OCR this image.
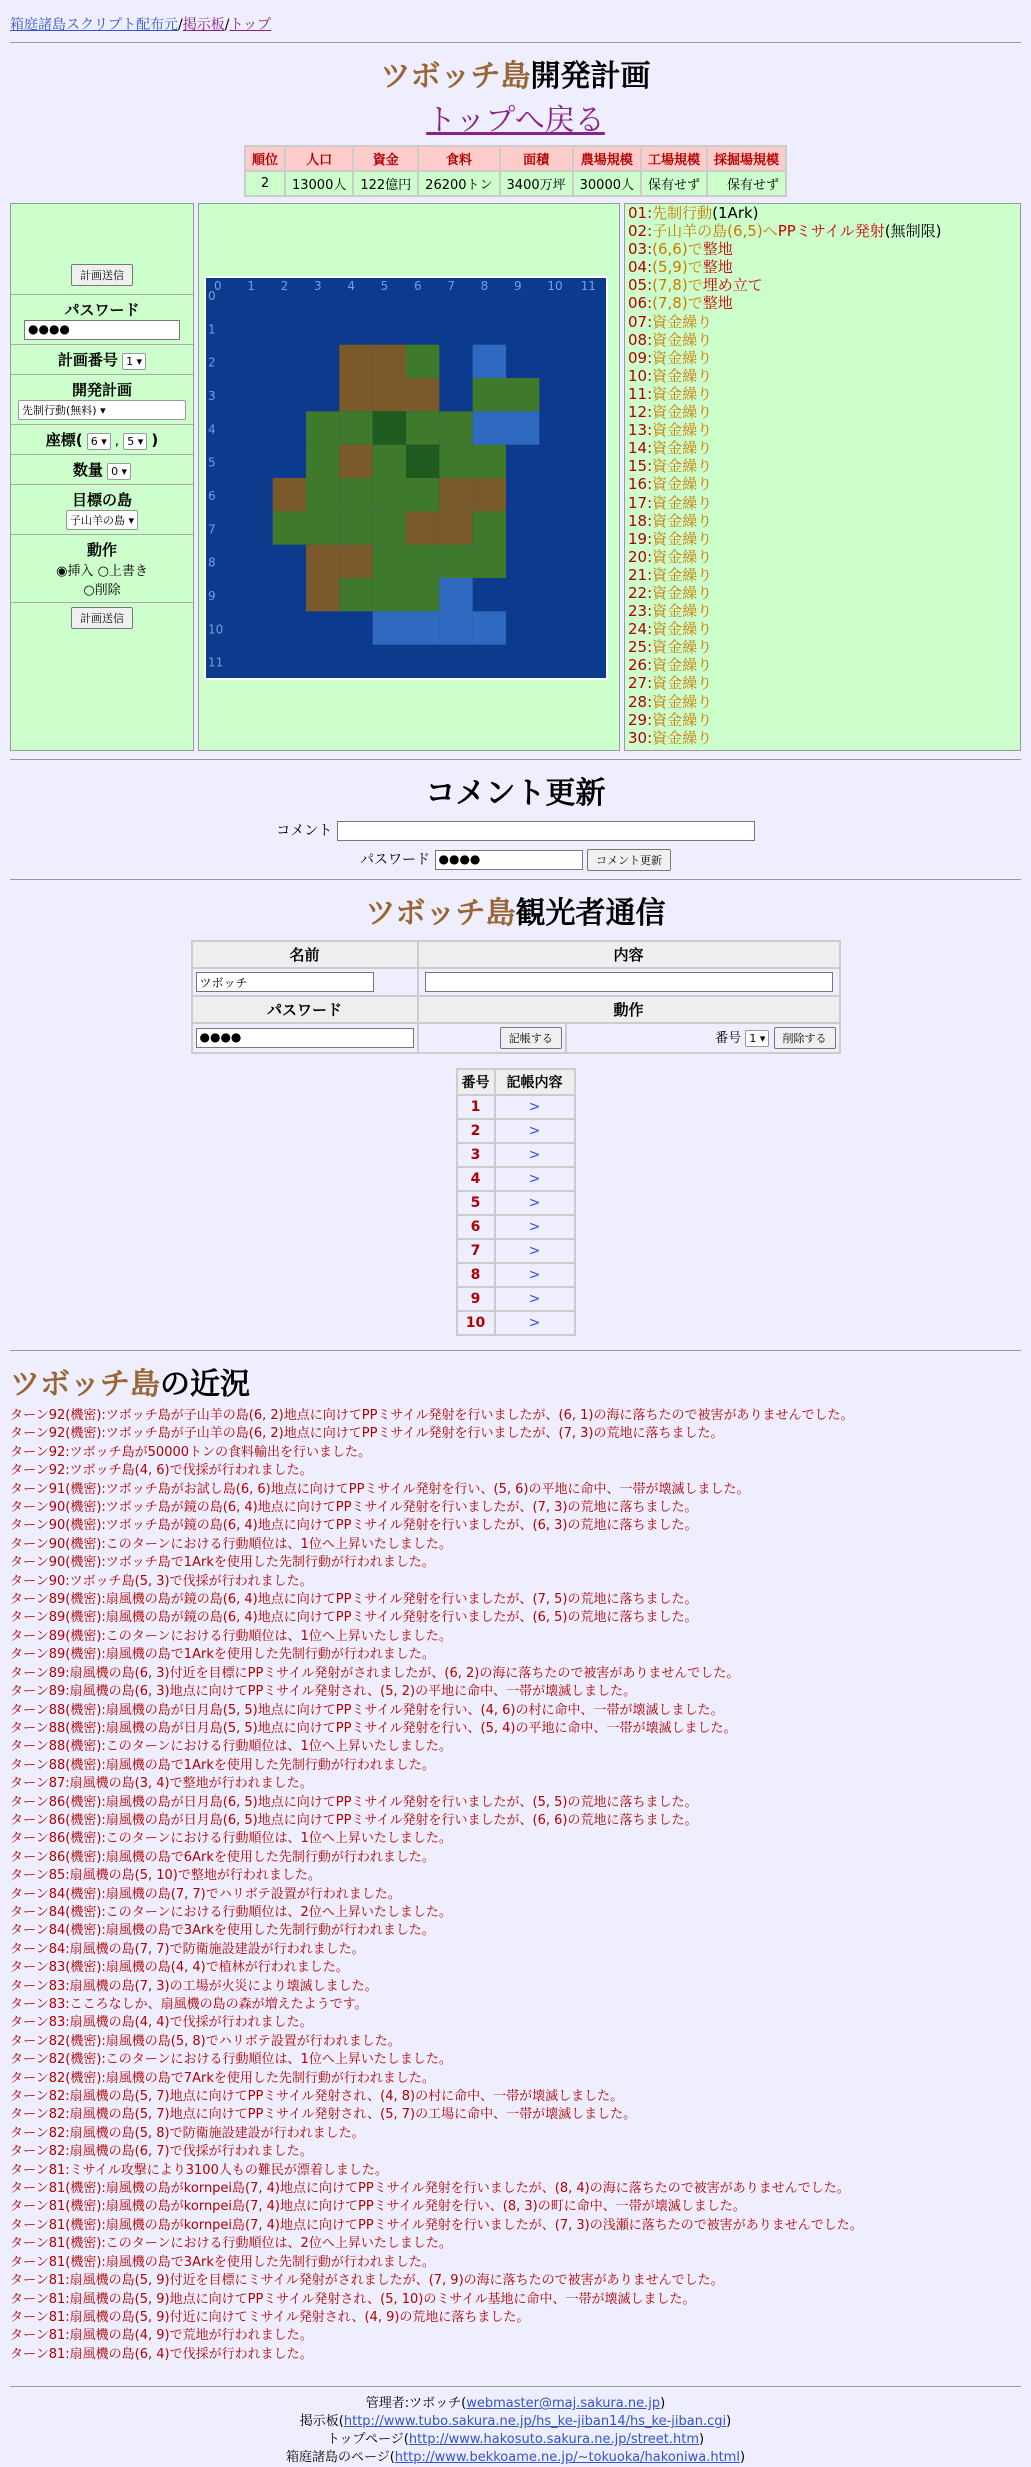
箱庭諸島スクリプト配布元/掲示板/トップ
ツボッチ島開発計画
トップへ戻る
順位	人口	資金	食料	面積	農場規模	工場規模	採掘場規模
2	13000人	122億円	26200トン	3400万坪	30000人	保有せず	保有せず
計画送信
パスワード
●●●●
計画番号 1 ▾
開発計画
先制行動(無料) ▾
座標( 6 ▾ , 5 ▾ )
数量 0 ▾
目標の島
子山羊の島 ▾
動作
◉挿入 ○上書き
○削除
計画送信
0
0
1
1
2
2
3
3
4
4
5
5
6
6
7
7
8
8
9
9
10
10
11
11
01:先制行動(1Ark)
02:子山羊の島(6,5)へPPミサイル発射(無制限)
03:(6,6)で整地
04:(5,9)で整地
05:(7,8)で埋め立て
06:(7,8)で整地
07:資金繰り
08:資金繰り
09:資金繰り
10:資金繰り
11:資金繰り
12:資金繰り
13:資金繰り
14:資金繰り
15:資金繰り
16:資金繰り
17:資金繰り
18:資金繰り
19:資金繰り
20:資金繰り
21:資金繰り
22:資金繰り
23:資金繰り
24:資金繰り
25:資金繰り
26:資金繰り
27:資金繰り
28:資金繰り
29:資金繰り
30:資金繰り
コメント更新
コメント
パスワード ●●●●	コメント更新
ツボッチ島観光者通信
名前	内容	
ツボッチ		
パスワード	動作	
●●●●	記帳する	番号 1 ▾ 削除する
番号	記帳内容
1	>
2	>
3	>
4	>
5	>
6	>
7	>
8	>
9	>
10	>
ツボッチ島の近況
ターン92(機密):ツボッチ島が子山羊の島(6, 2)地点に向けてPPミサイル発射を行いましたが、(6, 1)の海に落ちたので被害がありませんでした。
ターン92(機密):ツボッチ島が子山羊の島(6, 2)地点に向けてPPミサイル発射を行いましたが、(7, 3)の荒地に落ちました。
ターン92:ツボッチ島が50000トンの食料輸出を行いました。
ターン92:ツボッチ島(4, 6)で伐採が行われました。
ターン91(機密):ツボッチ島がお試し島(6, 6)地点に向けてPPミサイル発射を行い、(5, 6)の平地に命中、一帯が壊滅しました。
ターン90(機密):ツボッチ島が鏡の島(6, 4)地点に向けてPPミサイル発射を行いましたが、(7, 3)の荒地に落ちました。
ターン90(機密):ツボッチ島が鏡の島(6, 4)地点に向けてPPミサイル発射を行いましたが、(6, 3)の荒地に落ちました。
ターン90(機密):このターンにおける行動順位は、1位へ上昇いたしました。
ターン90(機密):ツボッチ島で1Arkを使用した先制行動が行われました。
ターン90:ツボッチ島(5, 3)で伐採が行われました。
ターン89(機密):扇風機の島が鏡の島(6, 4)地点に向けてPPミサイル発射を行いましたが、(7, 5)の荒地に落ちました。
ターン89(機密):扇風機の島が鏡の島(6, 4)地点に向けてPPミサイル発射を行いましたが、(6, 5)の荒地に落ちました。
ターン89(機密):このターンにおける行動順位は、1位へ上昇いたしました。
ターン89(機密):扇風機の島で1Arkを使用した先制行動が行われました。
ターン89:扇風機の島(6, 3)付近を目標にPPミサイル発射がされましたが、(6, 2)の海に落ちたので被害がありませんでした。
ターン89:扇風機の島(6, 3)地点に向けてPPミサイル発射され、(5, 2)の平地に命中、一帯が壊滅しました。
ターン88(機密):扇風機の島が日月島(5, 5)地点に向けてPPミサイル発射を行い、(4, 6)の村に命中、一帯が壊滅しました。
ターン88(機密):扇風機の島が日月島(5, 5)地点に向けてPPミサイル発射を行い、(5, 4)の平地に命中、一帯が壊滅しました。
ターン88(機密):このターンにおける行動順位は、1位へ上昇いたしました。
ターン88(機密):扇風機の島で1Arkを使用した先制行動が行われました。
ターン87:扇風機の島(3, 4)で整地が行われました。
ターン86(機密):扇風機の島が日月島(6, 5)地点に向けてPPミサイル発射を行いましたが、(5, 5)の荒地に落ちました。
ターン86(機密):扇風機の島が日月島(6, 5)地点に向けてPPミサイル発射を行いましたが、(6, 6)の荒地に落ちました。
ターン86(機密):このターンにおける行動順位は、1位へ上昇いたしました。
ターン86(機密):扇風機の島で6Arkを使用した先制行動が行われました。
ターン85:扇風機の島(5, 10)で整地が行われました。
ターン84(機密):扇風機の島(7, 7)でハリボテ設置が行われました。
ターン84(機密):このターンにおける行動順位は、2位へ上昇いたしました。
ターン84(機密):扇風機の島で3Arkを使用した先制行動が行われました。
ターン84:扇風機の島(7, 7)で防衛施設建設が行われました。
ターン83(機密):扇風機の島(4, 4)で植林が行われました。
ターン83:扇風機の島(7, 3)の工場が火災により壊滅しました。
ターン83:こころなしか、扇風機の島の森が増えたようです。
ターン83:扇風機の島(4, 4)で伐採が行われました。
ターン82(機密):扇風機の島(5, 8)でハリボテ設置が行われました。
ターン82(機密):このターンにおける行動順位は、1位へ上昇いたしました。
ターン82(機密):扇風機の島で7Arkを使用した先制行動が行われました。
ターン82:扇風機の島(5, 7)地点に向けてPPミサイル発射され、(4, 8)の村に命中、一帯が壊滅しました。
ターン82:扇風機の島(5, 7)地点に向けてPPミサイル発射され、(5, 7)の工場に命中、一帯が壊滅しました。
ターン82:扇風機の島(5, 8)で防衛施設建設が行われました。
ターン82:扇風機の島(6, 7)で伐採が行われました。
ターン81:ミサイル攻撃により3100人もの難民が漂着しました。
ターン81(機密):扇風機の島がkornpei島(7, 4)地点に向けてPPミサイル発射を行いましたが、(8, 4)の海に落ちたので被害がありませんでした。
ターン81(機密):扇風機の島がkornpei島(7, 4)地点に向けてPPミサイル発射を行い、(8, 3)の町に命中、一帯が壊滅しました。
ターン81(機密):扇風機の島がkornpei島(7, 4)地点に向けてPPミサイル発射を行いましたが、(7, 3)の浅瀬に落ちたので被害がありませんでした。
ターン81(機密):このターンにおける行動順位は、2位へ上昇いたしました。
ターン81(機密):扇風機の島で3Arkを使用した先制行動が行われました。
ターン81:扇風機の島(5, 9)付近を目標にミサイル発射がされましたが、(7, 9)の海に落ちたので被害がありませんでした。
ターン81:扇風機の島(5, 9)地点に向けてPPミサイル発射され、(5, 10)のミサイル基地に命中、一帯が壊滅しました。
ターン81:扇風機の島(5, 9)付近に向けてミサイル発射され、(4, 9)の荒地に落ちました。
ターン81:扇風機の島(4, 9)で荒地が行われました。
ターン81:扇風機の島(6, 4)で伐採が行われました。
管理者:ツボッチ(webmaster@maj.sakura.ne.jp)
掲示板(http://www.tubo.sakura.ne.jp/hs_ke-jiban14/hs_ke-jiban.cgi)
トップページ(http://www.hakosuto.sakura.ne.jp/street.htm)
箱庭諸島のページ(http://www.bekkoame.ne.jp/~tokuoka/hakoniwa.html)
